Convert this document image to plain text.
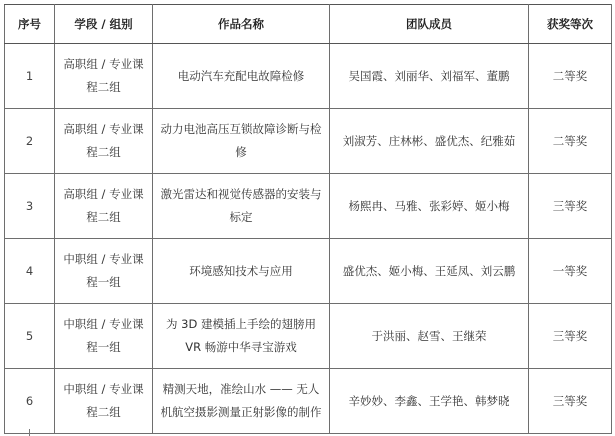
序号	学段 / 组别	作品名称	团队成员	获奖等次
1	高职组 / 专业课程二组	电动汽车充配电故障检修	吴国霞、刘丽华、刘福军、董鹏	二等奖
2	高职组 / 专业课程二组	动力电池高压互锁故障诊断与检修	刘淑芳、庄林彬、盛优杰、纪雅茹	二等奖
3	高职组 / 专业课程二组	激光雷达和视觉传感器的安装与标定	杨熙冉、马雅、张彩婷、姬小梅	三等奖
4	中职组 / 专业课程一组	环境感知技术与应用	盛优杰、姬小梅、王延凤、刘云鹏	一等奖
5	中职组 / 专业课程一组	为 3D 建模插上手绘的翅膀用 VR 畅游中华寻宝游戏	于洪丽、赵雪、王继荣	三等奖
6	中职组 / 专业课程二组	精测天地，准绘山水 —— 无人机航空摄影测量正射影像的制作	辛妙妙、李鑫、王学艳、韩梦晓	三等奖
